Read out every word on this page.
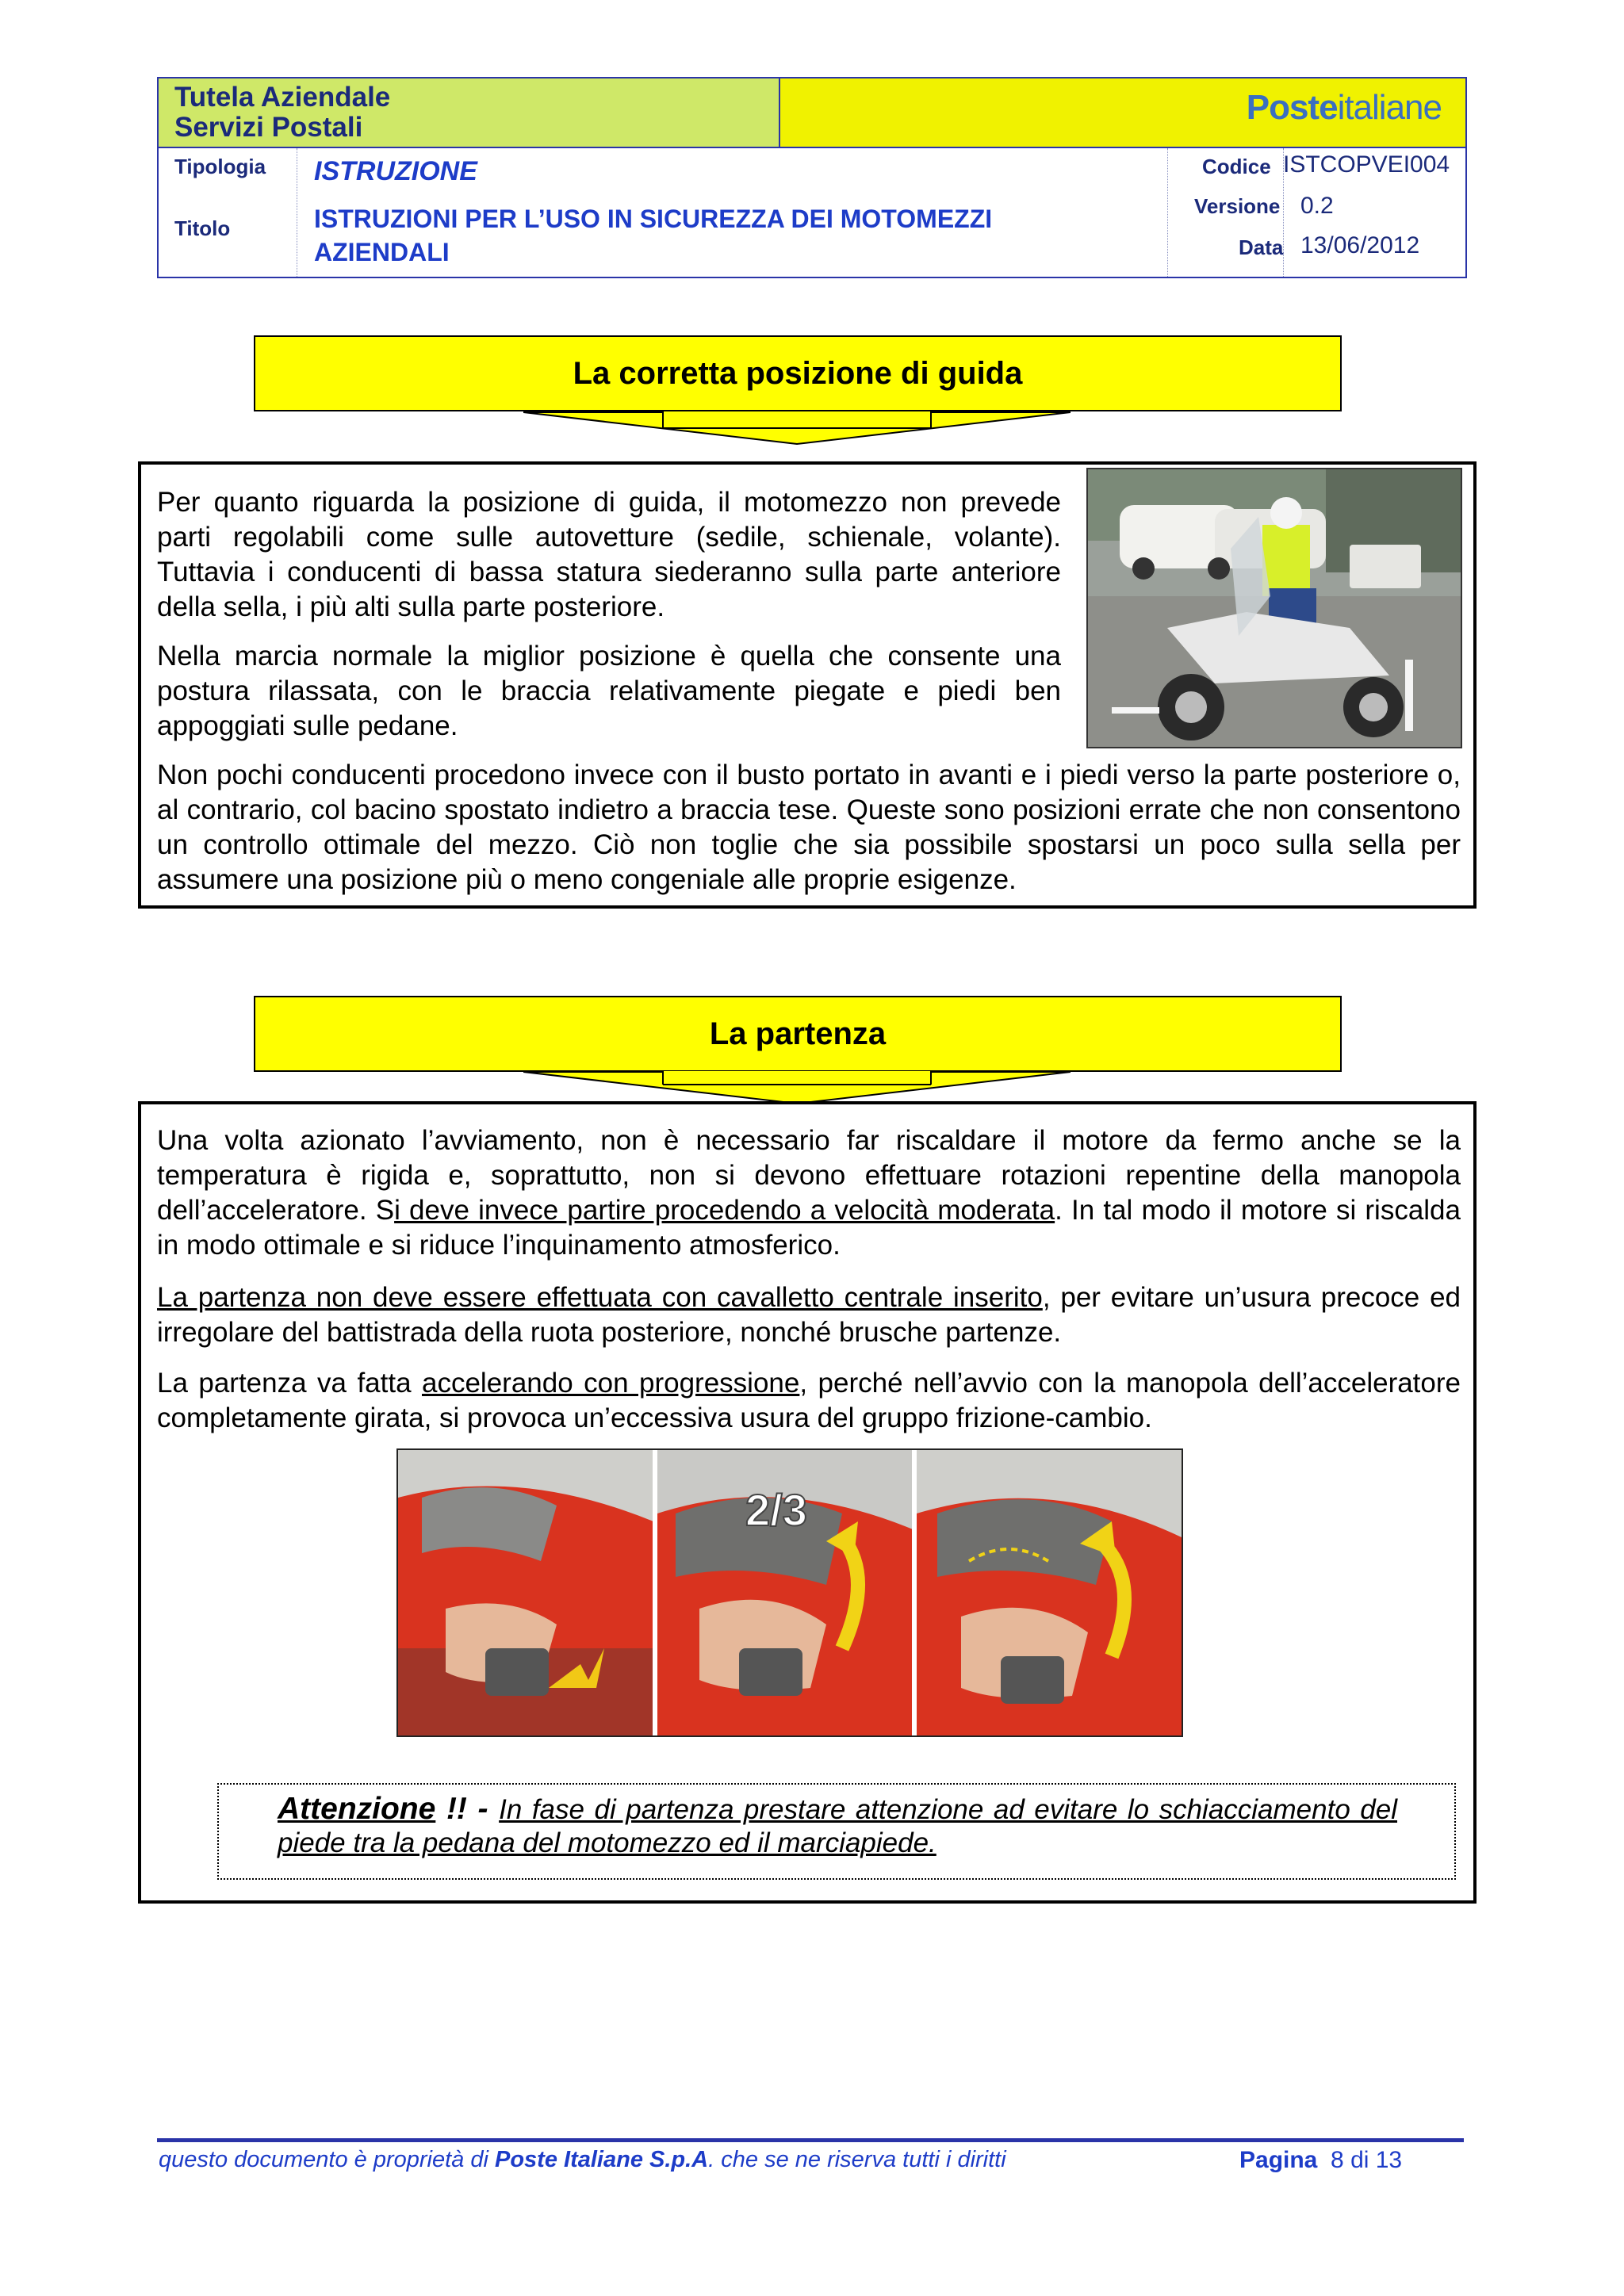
Tutela Aziendale
Servizi Postali
Posteitaliane
Tipologia ISTRUZIONE
Titolo	ISTRUZIONI PER L’USO IN SICUREZZA DEI MOTOMEZZI
AZIENDALI
Codice ISTCOPVEI004
Versione 0.2
Data 13/06/2012
La corretta posizione di guida
Per quanto riguarda la posizione di guida, il motomezzo non prevede parti regolabili come sulle autovetture (sedile, schienale, volante). Tuttavia i conducenti di bassa statura siederanno sulla parte anteriore della sella, i più alti sulla parte posteriore.
Nella marcia normale la miglior posizione è quella che consente una postura rilassata, con le braccia relativamente piegate e piedi ben appoggiati sulle pedane.
Non pochi conducenti procedono invece con il busto portato in avanti e i piedi verso la parte posteriore o, al contrario, col bacino spostato indietro a braccia tese. Queste sono posizioni errate che non consentono un controllo ottimale del mezzo. Ciò non toglie che sia possibile spostarsi un poco sulla sella per assumere una posizione più o meno congeniale alle proprie esigenze.
La partenza
Una volta azionato l’avviamento, non è necessario far riscaldare il motore da fermo anche se la temperatura è rigida e, soprattutto, non si devono effettuare rotazioni repentine della manopola dell’acceleratore. Si deve invece partire procedendo a velocità moderata. In tal modo il motore si riscalda in modo ottimale e si riduce l’inquinamento atmosferico.
La partenza non deve essere effettuata con cavalletto centrale inserito, per evitare un’usura precoce ed irregolare del battistrada della ruota posteriore, nonché brusche partenze.
La partenza va fatta accelerando con progressione, perché nell’avvio con la manopola dell’acceleratore completamente girata, si provoca un’eccessiva usura del gruppo frizione-cambio.
2/3
Attenzione !! - In fase di partenza prestare attenzione ad evitare lo schiacciamento del piede tra la pedana del motomezzo ed il marciapiede.
questo documento è proprietà di Poste Italiane S.p.A. che se ne riserva tutti i diritti	Pagina 8 di 13
